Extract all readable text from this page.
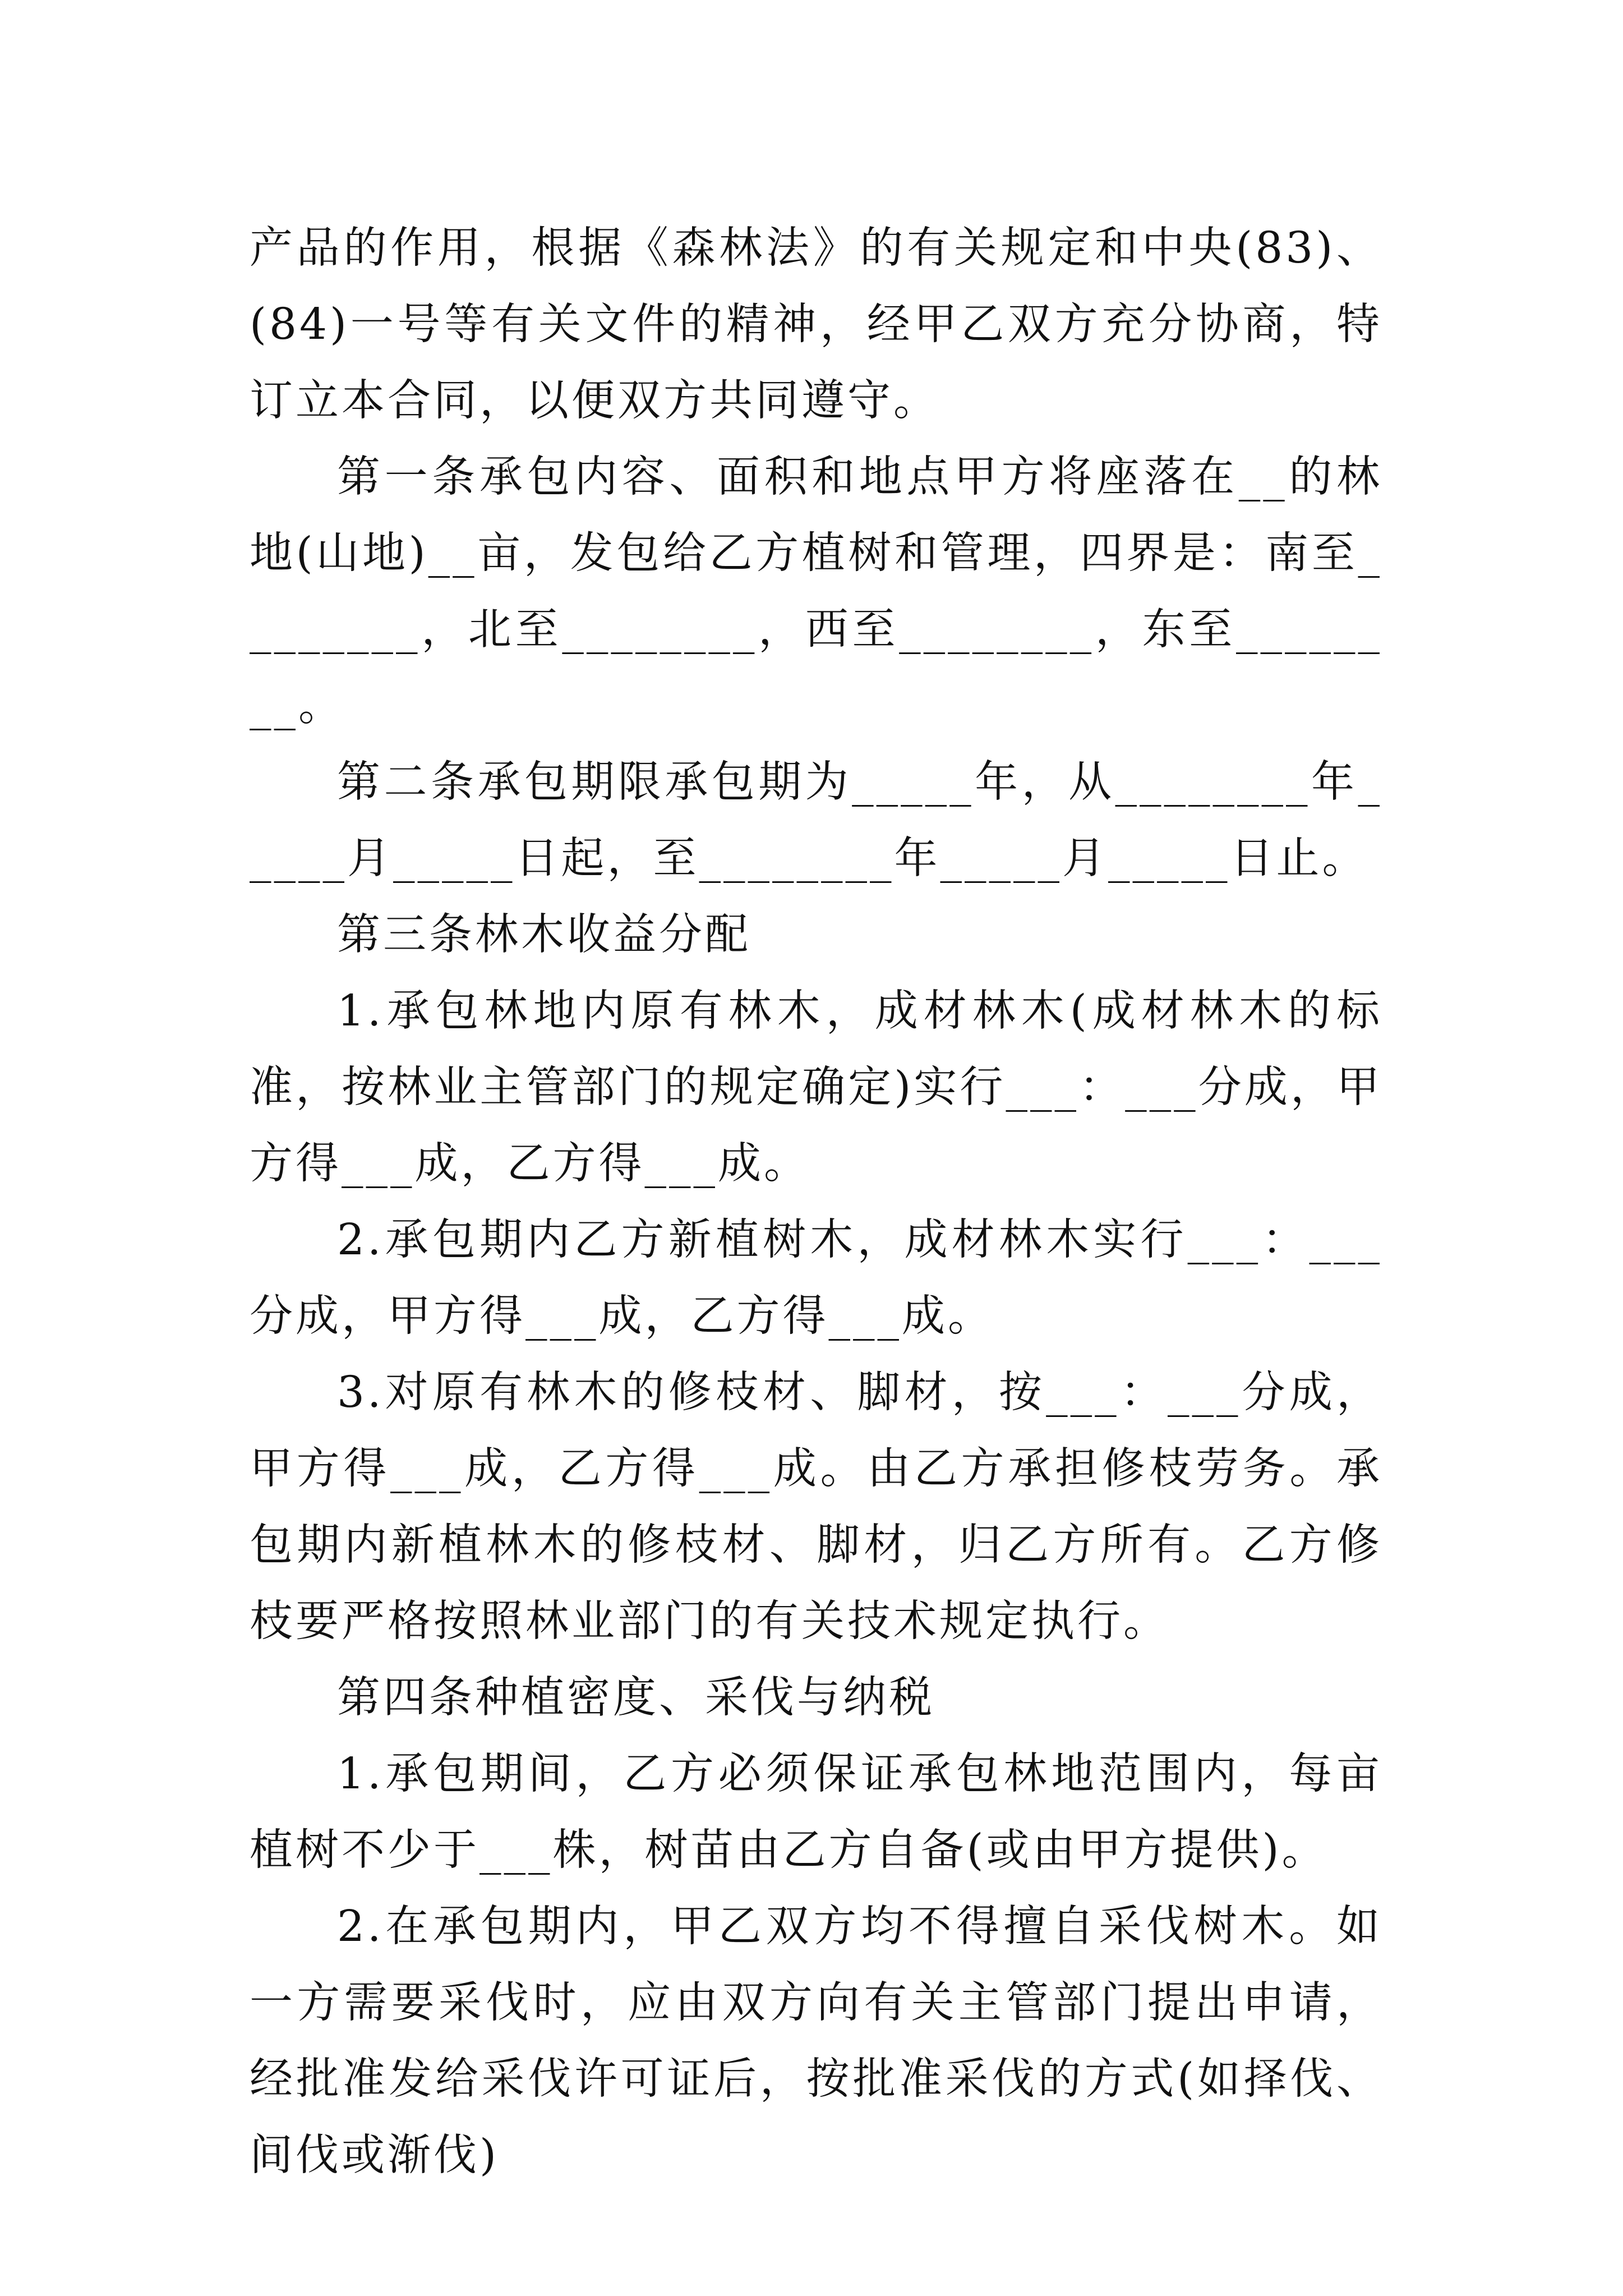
产品的作用，根据《森林法》的有关规定和中央(83)、(84)一号等有关文件的精神，经甲乙双方充分协商，特订立本合同，以便双方共同遵守。

第一条承包内容、面积和地点甲方将座落在__的林地(山地)__亩，发包给乙方植树和管理，四界是：南至________，北至________，西至________，东至________。

第二条承包期限承包期为_____年，从________年_____月_____日起，至________年_____月_____日止。

第三条林木收益分配

1.承包林地内原有林木，成材林木(成材林木的标准，按林业主管部门的规定确定)实行___：___分成，甲方得___成，乙方得___成。

2.承包期内乙方新植树木，成材林木实行___：___分成，甲方得___成，乙方得___成。

3.对原有林木的修枝材、脚材，按___：___分成，甲方得___成，乙方得___成。由乙方承担修枝劳务。承包期内新植林木的修枝材、脚材，归乙方所有。乙方修枝要严格按照林业部门的有关技术规定执行。

第四条种植密度、采伐与纳税

1.承包期间，乙方必须保证承包林地范围内，每亩植树不少于___株，树苗由乙方自备(或由甲方提供)。

2.在承包期内，甲乙双方均不得擅自采伐树木。如一方需要采伐时，应由双方向有关主管部门提出申请，经批准发给采伐许可证后，按批准采伐的方式(如择伐、间伐或渐伐)
